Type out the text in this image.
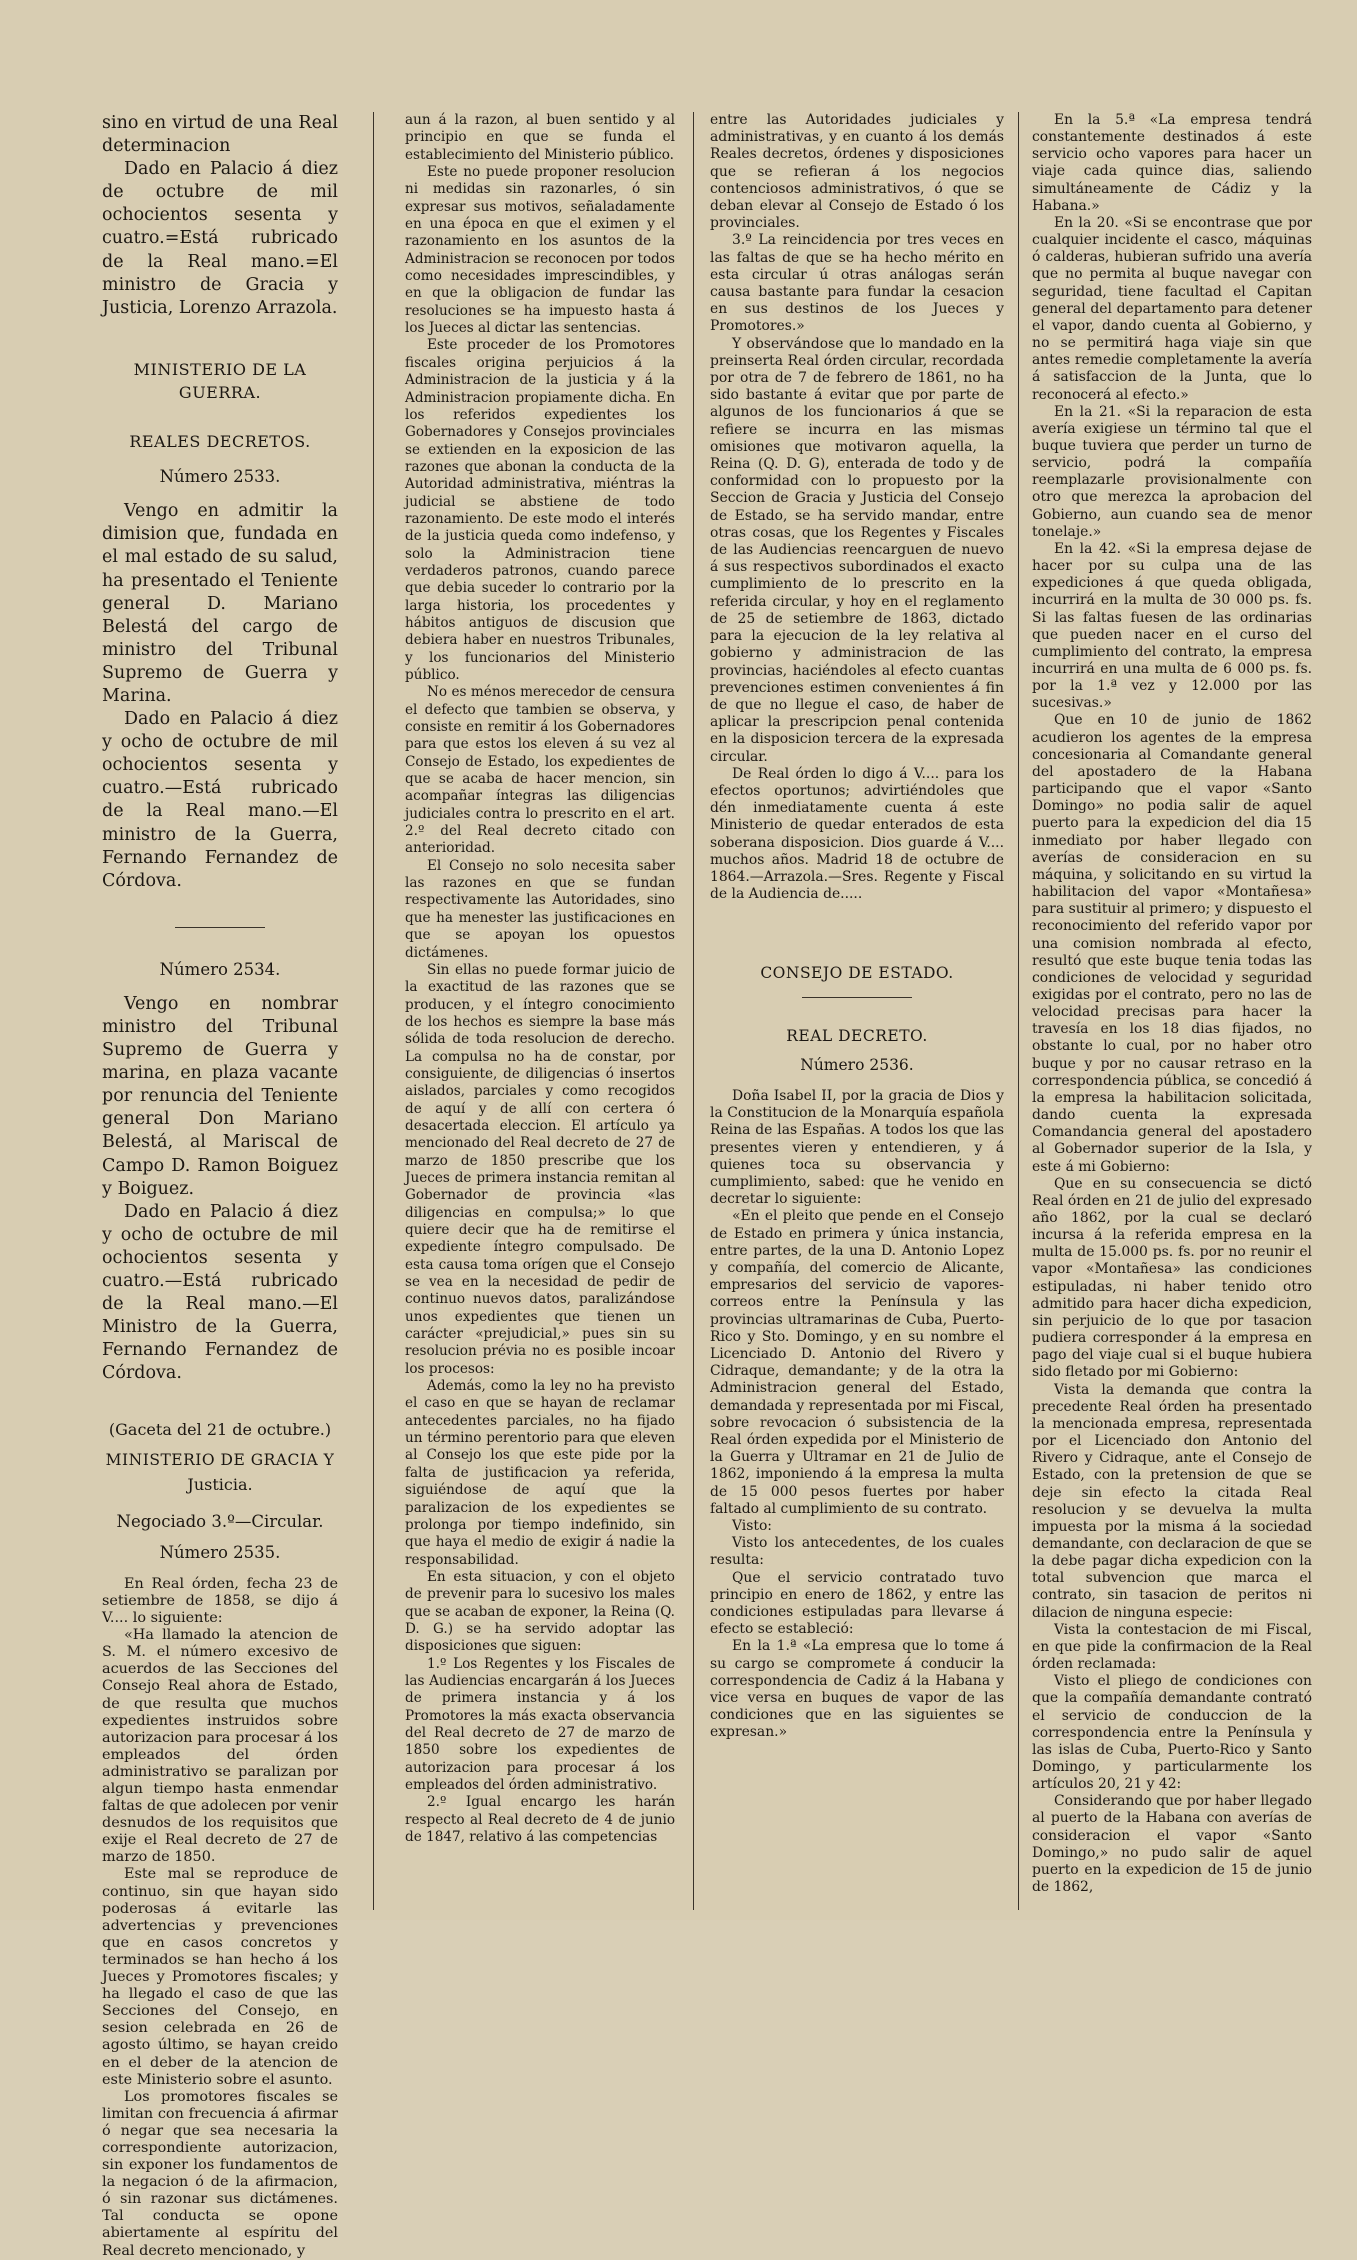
sino en virtud de una Real determinacion

Dado en Palacio á diez de octubre de mil ochocientos sesenta y cuatro.=Está rubricado de la Real mano.=El ministro de Gracia y Justicia, Lorenzo Arrazola.

MINISTERIO DE LA GUERRA.

REALES DECRETOS.

Número 2533.

Vengo en admitir la dimision que, fundada en el mal estado de su salud, ha presentado el Teniente general D. Mariano Belestá del cargo de ministro del Tribunal Supremo de Guerra y Marina.

Dado en Palacio á diez y ocho de octubre de mil ochocientos sesenta y cuatro.—Está rubricado de la Real mano.—El ministro de la Guerra, Fernando Fernandez de Córdova.

Número 2534.

Vengo en nombrar ministro del Tribunal Supremo de Guerra y marina, en plaza vacante por renuncia del Teniente general Don Mariano Belestá, al Mariscal de Campo D. Ramon Boiguez y Boiguez.

Dado en Palacio á diez y ocho de octubre de mil ochocientos sesenta y cuatro.—Está rubricado de la Real mano.—El Ministro de la Guerra, Fernando Fernandez de Córdova.

(Gaceta del 21 de octubre.)

MINISTERIO DE GRACIA Y

Justicia.

Negociado 3.º—Circular.

Número 2535.

En Real órden, fecha 23 de setiembre de 1858, se dijo á V.... lo siguiente:

«Ha llamado la atencion de S. M. el número excesivo de acuerdos de las Secciones del Consejo Real ahora de Estado, de que resulta que muchos expedientes instruidos sobre autorizacion para procesar á los empleados del órden administrativo se paralizan por algun tiempo hasta enmendar faltas de que adolecen por venir desnudos de los requisitos que exije el Real decreto de 27 de marzo de 1850.

Este mal se reproduce de continuo, sin que hayan sido poderosas á evitarle las advertencias y prevenciones que en casos concretos y terminados se han hecho á los Jueces y Promotores fiscales; y ha llegado el caso de que las Secciones del Consejo, en sesion celebrada en 26 de agosto último, se hayan creido en el deber de la atencion de este Ministerio sobre el asunto.

Los promotores fiscales se limitan con frecuencia á afirmar ó negar que sea necesaria la correspondiente autorizacion, sin exponer los fundamentos de la negacion ó de la afirmacion, ó sin razonar sus dictámenes. Tal conducta se opone abiertamente al espíritu del Real decreto mencionado, y

aun á la razon, al buen sentido y al principio en que se funda el establecimiento del Ministerio público.

Este no puede proponer resolucion ni medidas sin razonarles, ó sin expresar sus motivos, señaladamente en una época en que el eximen y el razonamiento en los asuntos de la Administracion se reconocen por todos como necesidades imprescindibles, y en que la obligacion de fundar las resoluciones se ha impuesto hasta á los Jueces al dictar las sentencias.

Este proceder de los Promotores fiscales origina perjuicios á la Administracion de la justicia y á la Administracion propiamente dicha. En los referidos expedientes los Gobernadores y Consejos provinciales se extienden en la exposicion de las razones que abonan la conducta de la Autoridad administrativa, miéntras la judicial se abstiene de todo razonamiento. De este modo el interés de la justicia queda como indefenso, y solo la Administracion tiene verdaderos patronos, cuando parece que debia suceder lo contrario por la larga historia, los procedentes y hábitos antiguos de discusion que debiera haber en nuestros Tribunales, y los funcionarios del Ministerio público.

No es ménos merecedor de censura el defecto que tambien se observa, y consiste en remitir á los Gobernadores para que estos los eleven á su vez al Consejo de Estado, los expedientes de que se acaba de hacer mencion, sin acompañar íntegras las diligencias judiciales contra lo prescrito en el art. 2.º del Real decreto citado con anterioridad.

El Consejo no solo necesita saber las razones en que se fundan respectivamente las Autoridades, sino que ha menester las justificaciones en que se apoyan los opuestos dictámenes.

Sin ellas no puede formar juicio de la exactitud de las razones que se producen, y el íntegro conocimiento de los hechos es siempre la base más sólida de toda resolucion de derecho. La compulsa no ha de constar, por consiguiente, de diligencias ó insertos aislados, parciales y como recogidos de aquí y de allí con certera ó desacertada eleccion. El artículo ya mencionado del Real decreto de 27 de marzo de 1850 prescribe que los Jueces de primera instancia remitan al Gobernador de provincia «las diligencias en compulsa;» lo que quiere decir que ha de remitirse el expediente íntegro compulsado. De esta causa toma orígen que el Consejo se vea en la necesidad de pedir de continuo nuevos datos, paralizándose unos expedientes que tienen un carácter «prejudicial,» pues sin su resolucion prévia no es posible incoar los procesos:

Además, como la ley no ha previsto el caso en que se hayan de reclamar antecedentes parciales, no ha fijado un término perentorio para que eleven al Consejo los que este pide por la falta de justificacion ya referida, siguiéndose de aquí que la paralizacion de los expedientes se prolonga por tiempo indefinido, sin que haya el medio de exigir á nadie la responsabilidad.

En esta situacion, y con el objeto de prevenir para lo sucesivo los males que se acaban de exponer, la Reina (Q. D. G.) se ha servido adoptar las disposiciones que siguen:

1.º Los Regentes y los Fiscales de las Audiencias encargarán á los Jueces de primera instancia y á los Promotores la más exacta observancia del Real decreto de 27 de marzo de 1850 sobre los expedientes de autorizacion para procesar á los empleados del órden administrativo.

2.º Igual encargo les harán respecto al Real decreto de 4 de junio de 1847, relativo á las competencias

entre las Autoridades judiciales y administrativas, y en cuanto á los demás Reales decretos, órdenes y disposiciones que se refieran á los negocios contenciosos administrativos, ó que se deban elevar al Consejo de Estado ó los provinciales.

3.º La reincidencia por tres veces en las faltas de que se ha hecho mérito en esta circular ú otras análogas serán causa bastante para fundar la cesacion en sus destinos de los Jueces y Promotores.»

Y observándose que lo mandado en la preinserta Real órden circular, recordada por otra de 7 de febrero de 1861, no ha sido bastante á evitar que por parte de algunos de los funcionarios á que se refiere se incurra en las mismas omisiones que motivaron aquella, la Reina (Q. D. G), enterada de todo y de conformidad con lo propuesto por la Seccion de Gracia y Justicia del Consejo de Estado, se ha servido mandar, entre otras cosas, que los Regentes y Fiscales de las Audiencias reencarguen de nuevo á sus respectivos subordinados el exacto cumplimiento de lo prescrito en la referida circular, y hoy en el reglamento de 25 de setiembre de 1863, dictado para la ejecucion de la ley relativa al gobierno y administracion de las provincias, haciéndoles al efecto cuantas prevenciones estimen convenientes á fin de que no llegue el caso, de haber de aplicar la prescripcion penal contenida en la disposicion tercera de la expresada circular.

De Real órden lo digo á V.... para los efectos oportunos; advirtiéndoles que dén inmediatamente cuenta á este Ministerio de quedar enterados de esta soberana disposicion. Dios guarde á V.... muchos años. Madrid 18 de octubre de 1864.—Arrazola.—Sres. Regente y Fiscal de la Audiencia de.....

CONSEJO DE ESTADO.

REAL DECRETO.

Número 2536.

Doña Isabel II, por la gracia de Dios y la Constitucion de la Monarquía española Reina de las Españas. A todos los que las presentes vieren y entendieren, y á quienes toca su observancia y cumplimiento, sabed: que he venido en decretar lo siguiente:

«En el pleito que pende en el Consejo de Estado en primera y única instancia, entre partes, de la una D. Antonio Lopez y compañía, del comercio de Alicante, empresarios del servicio de vapores-correos entre la Península y las provincias ultramarinas de Cuba, Puerto-Rico y Sto. Domingo, y en su nombre el Licenciado D. Antonio del Rivero y Cidraque, demandante; y de la otra la Administracion general del Estado, demandada y representada por mi Fiscal, sobre revocacion ó subsistencia de la Real órden expedida por el Ministerio de la Guerra y Ultramar en 21 de Julio de 1862, imponiendo á la empresa la multa de 15 000 pesos fuertes por haber faltado al cumplimiento de su contrato.

Visto:

Visto los antecedentes, de los cuales resulta:

Que el servicio contratado tuvo principio en enero de 1862, y entre las condiciones estipuladas para llevarse á efecto se estableció:

En la 1.ª «La empresa que lo tome á su cargo se compromete á conducir la correspondencia de Cadiz á la Habana y vice versa en buques de vapor de las condiciones que en las siguientes se expresan.»

En la 5.ª «La empresa tendrá constantemente destinados á este servicio ocho vapores para hacer un viaje cada quince dias, saliendo simultáneamente de Cádiz y la Habana.»

En la 20. «Si se encontrase que por cualquier incidente el casco, máquinas ó calderas, hubieran sufrido una avería que no permita al buque navegar con seguridad, tiene facultad el Capitan general del departamento para detener el vapor, dando cuenta al Gobierno, y no se permitirá haga viaje sin que antes remedie completamente la avería á satisfaccion de la Junta, que lo reconocerá al efecto.»

En la 21. «Si la reparacion de esta avería exigiese un término tal que el buque tuviera que perder un turno de servicio, podrá la compañía reemplazarle provisionalmente con otro que merezca la aprobacion del Gobierno, aun cuando sea de menor tonelaje.»

En la 42. «Si la empresa dejase de hacer por su culpa una de las expediciones á que queda obligada, incurrirá en la multa de 30 000 ps. fs. Si las faltas fuesen de las ordinarias que pueden nacer en el curso del cumplimiento del contrato, la empresa incurrirá en una multa de 6 000 ps. fs. por la 1.ª vez y 12.000 por las sucesivas.»

Que en 10 de junio de 1862 acudieron los agentes de la empresa concesionaria al Comandante general del apostadero de la Habana participando que el vapor «Santo Domingo» no podia salir de aquel puerto para la expedicion del dia 15 inmediato por haber llegado con averías de consideracion en su máquina, y solicitando en su virtud la habilitacion del vapor «Montañesa» para sustituir al primero; y dispuesto el reconocimiento del referido vapor por una comision nombrada al efecto, resultó que este buque tenia todas las condiciones de velocidad y seguridad exigidas por el contrato, pero no las de velocidad precisas para hacer la travesía en los 18 dias fijados, no obstante lo cual, por no haber otro buque y por no causar retraso en la correspondencia pública, se concedió á la empresa la habilitacion solicitada, dando cuenta la expresada Comandancia general del apostadero al Gobernador superior de la Isla, y este á mi Gobierno:

Que en su consecuencia se dictó Real órden en 21 de julio del expresado año 1862, por la cual se declaró incursa á la referida empresa en la multa de 15.000 ps. fs. por no reunir el vapor «Montañesa» las condiciones estipuladas, ni haber tenido otro admitido para hacer dicha expedicion, sin perjuicio de lo que por tasacion pudiera corresponder á la empresa en pago del viaje cual si el buque hubiera sido fletado por mi Gobierno:

Vista la demanda que contra la precedente Real órden ha presentado la mencionada empresa, representada por el Licenciado don Antonio del Rivero y Cidraque, ante el Consejo de Estado, con la pretension de que se deje sin efecto la citada Real resolucion y se devuelva la multa impuesta por la misma á la sociedad demandante, con declaracion de que se la debe pagar dicha expedicion con la total subvencion que marca el contrato, sin tasacion de peritos ni dilacion de ninguna especie:

Vista la contestacion de mi Fiscal, en que pide la confirmacion de la Real órden reclamada:

Visto el pliego de condiciones con que la compañía demandante contrató el servicio de conduccion de la correspondencia entre la Península y las islas de Cuba, Puerto-Rico y Santo Domingo, y particularmente los artículos 20, 21 y 42:

Considerando que por haber llegado al puerto de la Habana con averías de consideracion el vapor «Santo Domingo,» no pudo salir de aquel puerto en la expedicion de 15 de junio de 1862,
